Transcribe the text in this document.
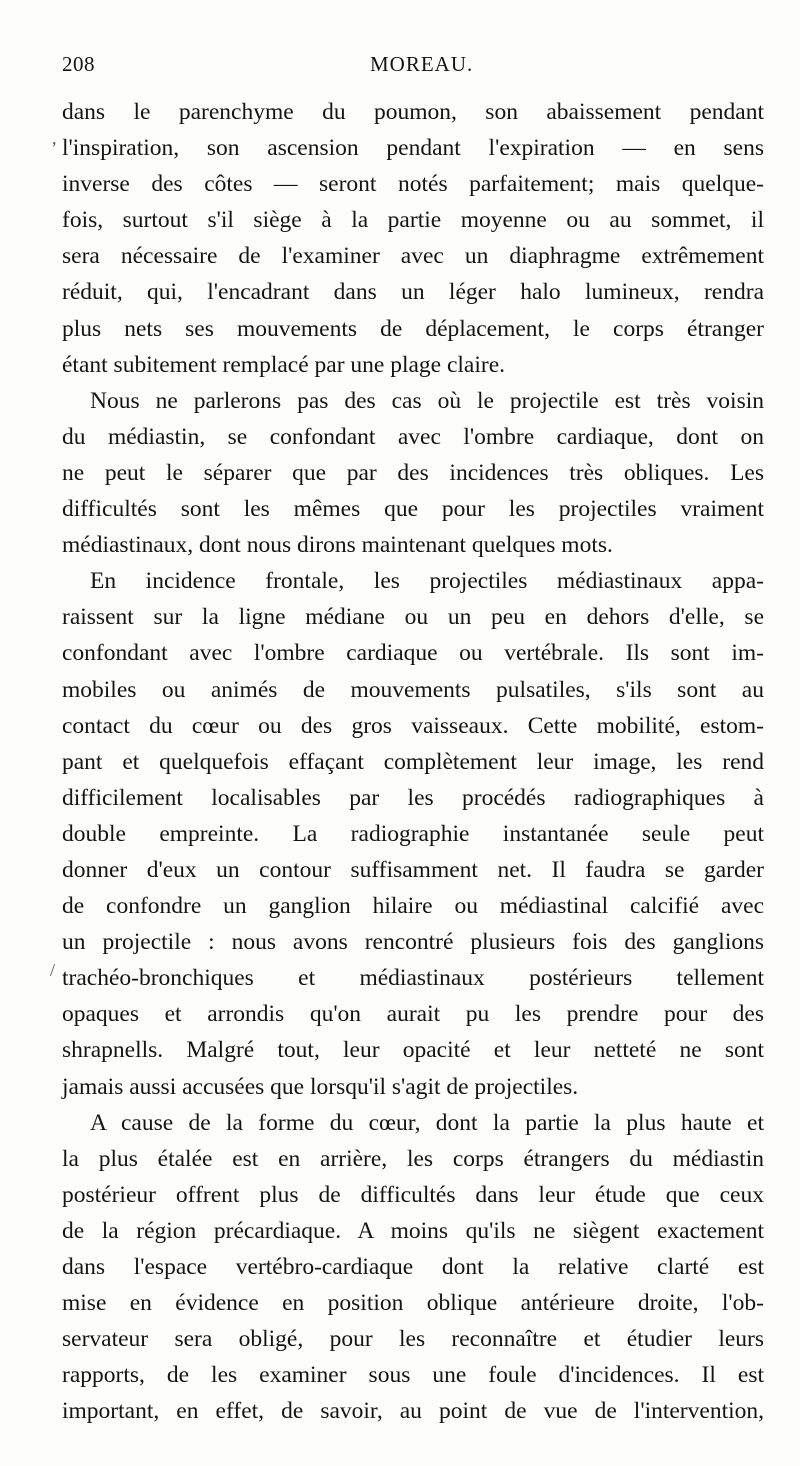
208	MOREAU.
,
/
dans le parenchyme du poumon, son abaissement pendant
l'inspiration, son ascension pendant l'expiration — en sens
inverse des côtes — seront notés parfaitement; mais quelque-
fois, surtout s'il siège à la partie moyenne ou au sommet, il
sera nécessaire de l'examiner avec un diaphragme extrêmement
réduit, qui, l'encadrant dans un léger halo lumineux, rendra
plus nets ses mouvements de déplacement, le corps étranger
étant subitement remplacé par une plage claire.
Nous ne parlerons pas des cas où le projectile est très voisin
du médiastin, se confondant avec l'ombre cardiaque, dont on
ne peut le séparer que par des incidences très obliques. Les
difficultés sont les mêmes que pour les projectiles vraiment
médiastinaux, dont nous dirons maintenant quelques mots.
En incidence frontale, les projectiles médiastinaux appa-
raissent sur la ligne médiane ou un peu en dehors d'elle, se
confondant avec l'ombre cardiaque ou vertébrale. Ils sont im-
mobiles ou animés de mouvements pulsatiles, s'ils sont au
contact du cœur ou des gros vaisseaux. Cette mobilité, estom-
pant et quelquefois effaçant complètement leur image, les rend
difficilement localisables par les procédés radiographiques à
double empreinte. La radiographie instantanée seule peut
donner d'eux un contour suffisamment net. Il faudra se garder
de confondre un ganglion hilaire ou médiastinal calcifié avec
un projectile : nous avons rencontré plusieurs fois des ganglions
trachéo-bronchiques et médiastinaux postérieurs tellement
opaques et arrondis qu'on aurait pu les prendre pour des
shrapnells. Malgré tout, leur opacité et leur netteté ne sont
jamais aussi accusées que lorsqu'il s'agit de projectiles.
A cause de la forme du cœur, dont la partie la plus haute et
la plus étalée est en arrière, les corps étrangers du médiastin
postérieur offrent plus de difficultés dans leur étude que ceux
de la région précardiaque. A moins qu'ils ne siègent exactement
dans l'espace vertébro-cardiaque dont la relative clarté est
mise en évidence en position oblique antérieure droite, l'ob-
servateur sera obligé, pour les reconnaître et étudier leurs
rapports, de les examiner sous une foule d'incidences. Il est
important, en effet, de savoir, au point de vue de l'intervention,
